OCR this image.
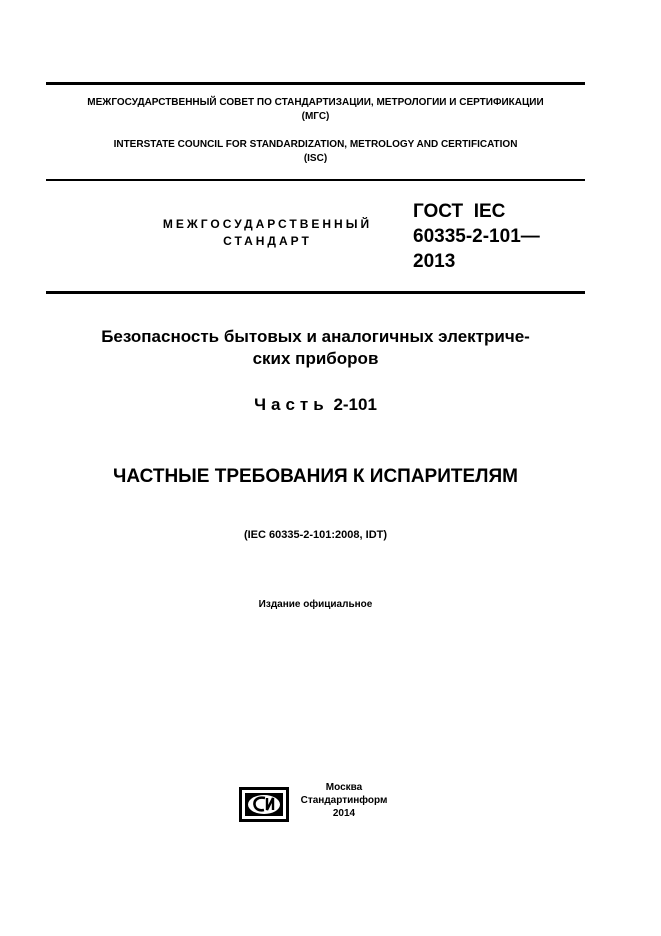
МЕЖГОСУДАРСТВЕННЫЙ СОВЕТ ПО СТАНДАРТИЗАЦИИ, МЕТРОЛОГИИ И СЕРТИФИКАЦИИ
(МГС)
INTERSTATE COUNCIL FOR STANDARDIZATION, METROLOGY AND CERTIFICATION
(ISC)
МЕЖГОСУДАРСТВЕННЫЙ
СТАНДАРТ
ГОСТ  IEC
60335-2-101—
2013
Безопасность бытовых и аналогичных электриче-
ских приборов
Часть 2-101
ЧАСТНЫЕ ТРЕБОВАНИЯ К ИСПАРИТЕЛЯМ
(IEC 60335-2-101:2008, IDT)
Издание официальное
Москва
Стандартинформ
2014
